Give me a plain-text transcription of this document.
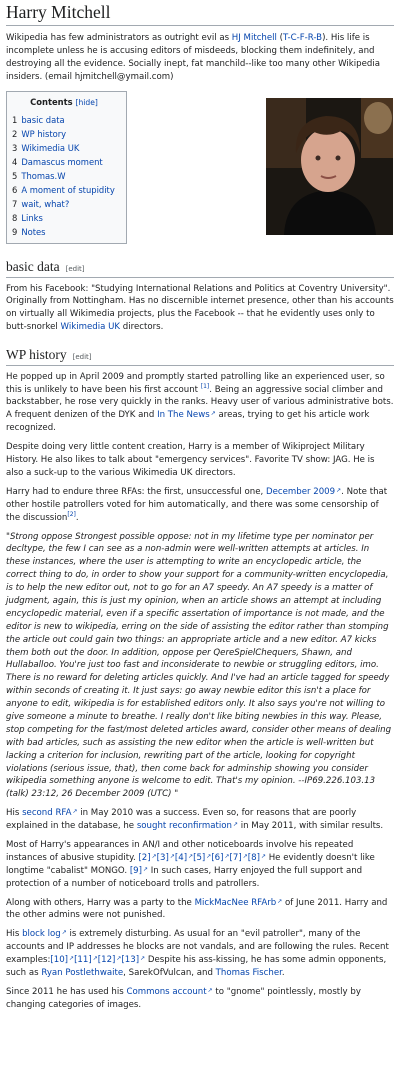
Harry Mitchell

Wikipedia has few administrators as outright evil as HJ Mitchell (T-C-F-R-B). His life is incomplete unless he is accusing editors of misdeeds, blocking them indefinitely, and destroying all the evidence. Socially inept, fat manchild--like too many other Wikipedia insiders. (email hjmitchell@ymail.com)

Contents [hide]
1 basic data
2 WP history
3 Wikimedia UK
4 Damascus moment
5 Thomas.W
6 A moment of stupidity
7 wait, what?
8 Links
9 Notes
basic data [edit]

From his Facebook: "Studying International Relations and Politics at Coventry University". Originally from Nottingham. Has no discernible internet presence, other than his accounts on virtually all Wikimedia projects, plus the Facebook -- that he evidently uses only to butt-snorkel Wikimedia UK directors.

WP history [edit]

He popped up in April 2009 and promptly started patrolling like an experienced user, so this is unlikely to have been his first account [1]. Being an aggressive social climber and backstabber, he rose very quickly in the ranks. Heavy user of various administrative bots. A frequent denizen of the DYK and In The News ↗ areas, trying to get his article work recognized.

Despite doing very little content creation, Harry is a member of Wikiproject Military History. He also likes to talk about "emergency services". Favorite TV show: JAG. He is also a suck-up to the various Wikimedia UK directors.

Harry had to endure three RFAs: the first, unsuccessful one, December 2009 ↗ . Note that other hostile patrollers voted for him automatically, and there was some censorship of the discussion[2].

"Strong oppose Strongest possible oppose: not in my lifetime type per nominator per decltype, the few I can see as a non-admin were well-written attempts at articles. In these instances, where the user is attempting to write an encyclopedic article, the correct thing to do, in order to show your support for a community-written encyclopedia, is to help the new editor out, not to go for an A7 speedy. An A7 speedy is a matter of judgment, again, this is just my opinion, when an article shows an attempt at including encyclopedic material, even if a specific assertation of importance is not made, and the editor is new to wikipedia, erring on the side of assisting the editor rather than stomping the article out could gain two things: an appropriate article and a new editor. A7 kicks them both out the door. In addition, oppose per QereSpielChequers, Shawn, and Hullaballoo. You're just too fast and inconsiderate to newbie or struggling editors, imo. There is no reward for deleting articles quickly. And I've had an article tagged for speedy within seconds of creating it. It just says: go away newbie editor this isn't a place for anyone to edit, wikipedia is for established editors only. It also says you're not willing to give someone a minute to breathe. I really don't like biting newbies in this way. Please, stop competing for the fast/most deleted articles award, consider other means of dealing with bad articles, such as assisting the new editor when the article is well-written but lacking a criterion for inclusion, rewriting part of the article, looking for copyright violations (serious issue, that), then come back for adminship showing you consider wikipedia something anyone is welcome to edit. That's my opinion. --IP69.226.103.13 (talk) 23:12, 26 December 2009 (UTC) "

His second RFA ↗ in May 2010 was a success. Even so, for reasons that are poorly explained in the database, he sought reconfirmation ↗ in May 2011, with similar results.

Most of Harry's appearances in AN/I and other noticeboards involve his repeated instances of abusive stupidity. [2] ↗ [3] ↗ [4] ↗ [5] ↗ [6] ↗ [7] ↗ [8] ↗ He evidently doesn't like longtime "cabalist" MONGO. [9] ↗ In such cases, Harry enjoyed the full support and protection of a number of noticeboard trolls and patrollers.

Along with others, Harry was a party to the MickMacNee RFArb ↗ of June 2011. Harry and the other admins were not punished.

His block log ↗ is extremely disturbing. As usual for an "evil patroller", many of the accounts and IP addresses he blocks are not vandals, and are following the rules. Recent examples:[10] ↗ [11] ↗ [12] ↗ [13] ↗ Despite his ass-kissing, he has some admin opponents, such as Ryan Postlethwaite, SarekOfVulcan, and Thomas Fischer.

Since 2011 he has used his Commons account ↗ to "gnome" pointlessly, mostly by changing categories of images.
